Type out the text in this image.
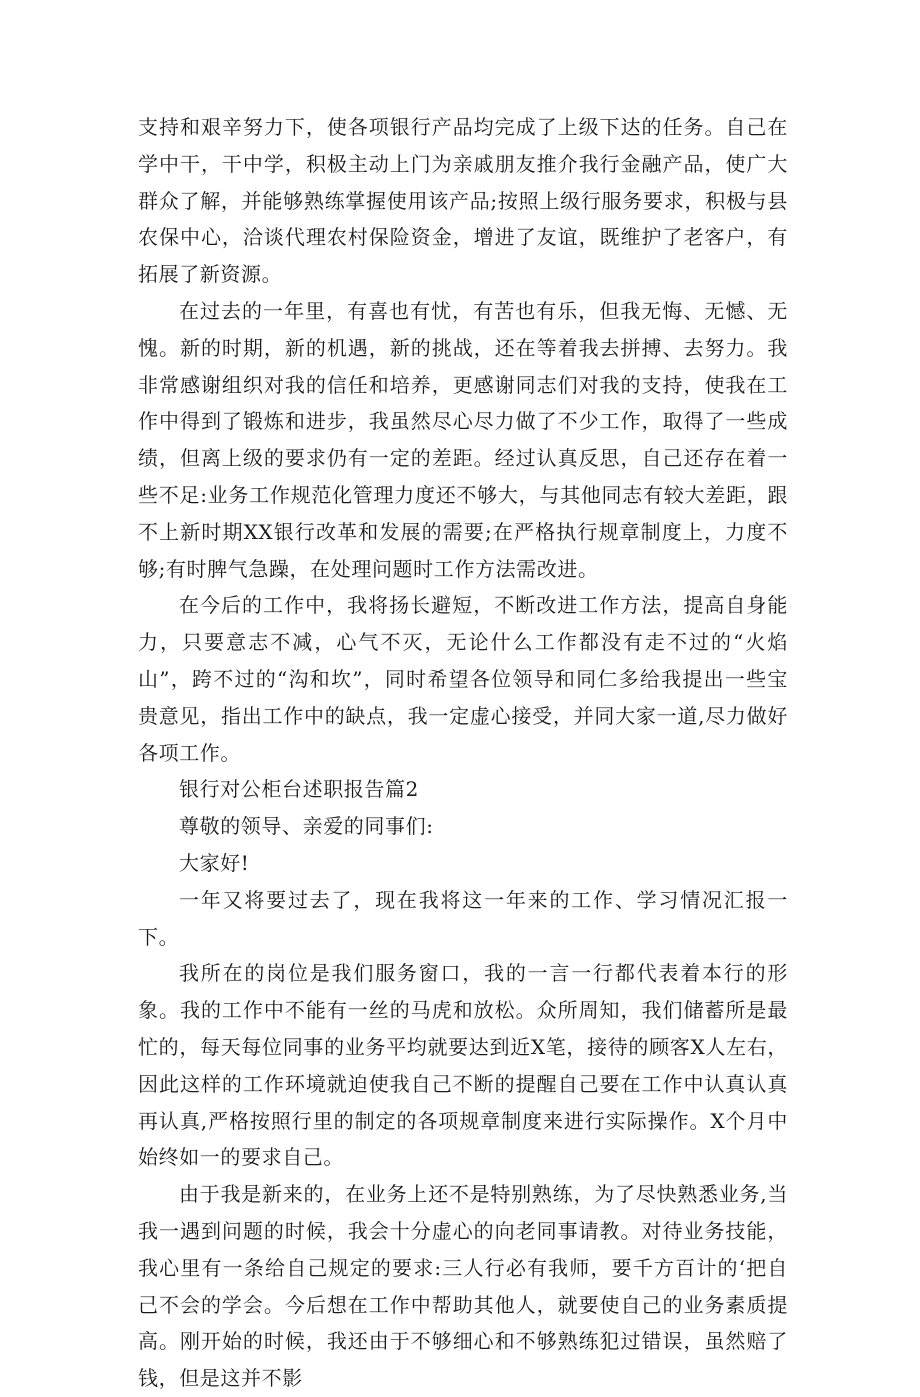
支持和艰辛努力下，使各项银行产品均完成了上级下达的任务。自己在学中干，干中学，积极主动上门为亲戚朋友推介我行金融产品，使广大群众了解，并能够熟练掌握使用该产品;按照上级行服务要求，积极与县农保中心，洽谈代理农村保险资金，增进了友谊，既维护了老客户，有拓展了新资源。

在过去的一年里，有喜也有忧，有苦也有乐，但我无悔、无憾、无愧。新的时期，新的机遇，新的挑战，还在等着我去拼搏、去努力。我非常感谢组织对我的信任和培养，更感谢同志们对我的支持，使我在工作中得到了锻炼和进步，我虽然尽心尽力做了不少工作，取得了一些成绩，但离上级的要求仍有一定的差距。经过认真反思，自己还存在着一些不足:业务工作规范化管理力度还不够大，与其他同志有较大差距，跟不上新时期XX银行改革和发展的需要;在严格执行规章制度上，力度不够;有时脾气急躁，在处理问题时工作方法需改进。

在今后的工作中，我将扬长避短，不断改进工作方法，提高自身能力，只要意志不减，心气不灭，无论什么工作都没有走不过的“火焰山”，跨不过的“沟和坎”，同时希望各位领导和同仁多给我提出一些宝贵意见，指出工作中的缺点，我一定虚心接受，并同大家一道,尽力做好各项工作。

银行对公柜台述职报告篇2

尊敬的领导、亲爱的同事们:

大家好!

一年又将要过去了，现在我将这一年来的工作、学习情况汇报一下。

我所在的岗位是我们服务窗口，我的一言一行都代表着本行的形象。我的工作中不能有一丝的马虎和放松。众所周知，我们储蓄所是最忙的，每天每位同事的业务平均就要达到近X笔，接待的顾客X人左右，因此这样的工作环境就迫使我自己不断的提醒自己要在工作中认真认真再认真,严格按照行里的制定的各项规章制度来进行实际操作。X个月中始终如一的要求自己。

由于我是新来的，在业务上还不是特别熟练，为了尽快熟悉业务,当我一遇到问题的时候，我会十分虚心的向老同事请教。对待业务技能，我心里有一条给自己规定的要求:三人行必有我师，要千方百计的‘把自己不会的学会。今后想在工作中帮助其他人，就要使自己的业务素质提高。刚开始的时候，我还由于不够细心和不够熟练犯过错误，虽然赔了钱，但是这并不影
